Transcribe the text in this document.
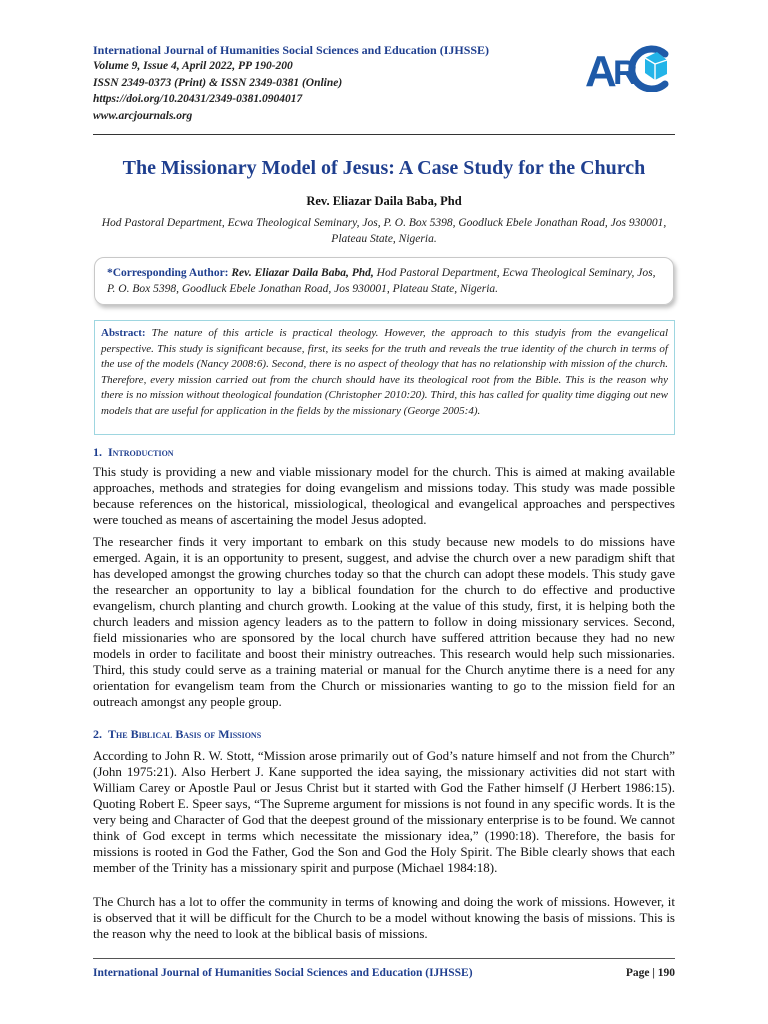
International Journal of Humanities Social Sciences and Education (IJHSSE)
Volume 9, Issue 4, April 2022, PP 190-200
ISSN 2349-0373 (Print) & ISSN 2349-0381 (Online)
https://doi.org/10.20431/2349-0381.0904017
www.arcjournals.org
A
R
The Missionary Model of Jesus: A Case Study for the Church
Rev. Eliazar Daila Baba, Phd
Hod Pastoral Department, Ecwa Theological Seminary, Jos, P. O. Box 5398, Goodluck Ebele Jonathan Road, Jos 930001, Plateau State, Nigeria.
*Corresponding Author: Rev. Eliazar Daila Baba, Phd, Hod Pastoral Department, Ecwa Theological Seminary, Jos, P. O. Box 5398, Goodluck Ebele Jonathan Road, Jos 930001, Plateau State, Nigeria.
Abstract: The nature of this article is practical theology. However, the approach to this studyis from the evangelical perspective. This study is significant because, first, its seeks for the truth and reveals the true identity of the church in terms of the use of the models (Nancy 2008:6). Second, there is no aspect of theology that has no relationship with mission of the church. Therefore, every mission carried out from the church should have its theological root from the Bible. This is the reason why there is no mission without theological foundation (Christopher 2010:20). Third, this has called for quality time digging out new models that are useful for application in the fields by the missionary (George 2005:4).
1. Introduction

This study is providing a new and viable missionary model for the church. This is aimed at making available approaches, methods and strategies for doing evangelism and missions today. This study was made possible because references on the historical, missiological, theological and evangelical approaches and perspectives were touched as means of ascertaining the model Jesus adopted.

The researcher finds it very important to embark on this study because new models to do missions have emerged. Again, it is an opportunity to present, suggest, and advise the church over a new paradigm shift that has developed amongst the growing churches today so that the church can adopt these models. This study gave the researcher an opportunity to lay a biblical foundation for the church to do effective and productive evangelism, church planting and church growth. Looking at the value of this study, first, it is helping both the church leaders and mission agency leaders as to the pattern to follow in doing missionary services. Second, field missionaries who are sponsored by the local church have suffered attrition because they had no new models in order to facilitate and boost their ministry outreaches. This research would help such missionaries. Third, this study could serve as a training material or manual for the Church anytime there is a need for any orientation for evangelism team from the Church or missionaries wanting to go to the mission field for an outreach amongst any people group.

2. The Biblical Basis of Missions

According to John R. W. Stott, “Mission arose primarily out of God’s nature himself and not from the Church” (John 1975:21). Also Herbert J. Kane supported the idea saying, the missionary activities did not start with William Carey or Apostle Paul or Jesus Christ but it started with God the Father himself (J Herbert 1986:15). Quoting Robert E. Speer says, “The Supreme argument for missions is not found in any specific words. It is the very being and Character of God that the deepest ground of the missionary enterprise is to be found. We cannot think of God except in terms which necessitate the missionary idea,” (1990:18). Therefore, the basis for missions is rooted in God the Father, God the Son and God the Holy Spirit. The Bible clearly shows that each member of the Trinity has a missionary spirit and purpose (Michael 1984:18).

The Church has a lot to offer the community in terms of knowing and doing the work of missions. However, it is observed that it will be difficult for the Church to be a model without knowing the basis of missions. This is the reason why the need to look at the biblical basis of missions.

International Journal of Humanities Social Sciences and Education (IJHSSE)	Page | 190
